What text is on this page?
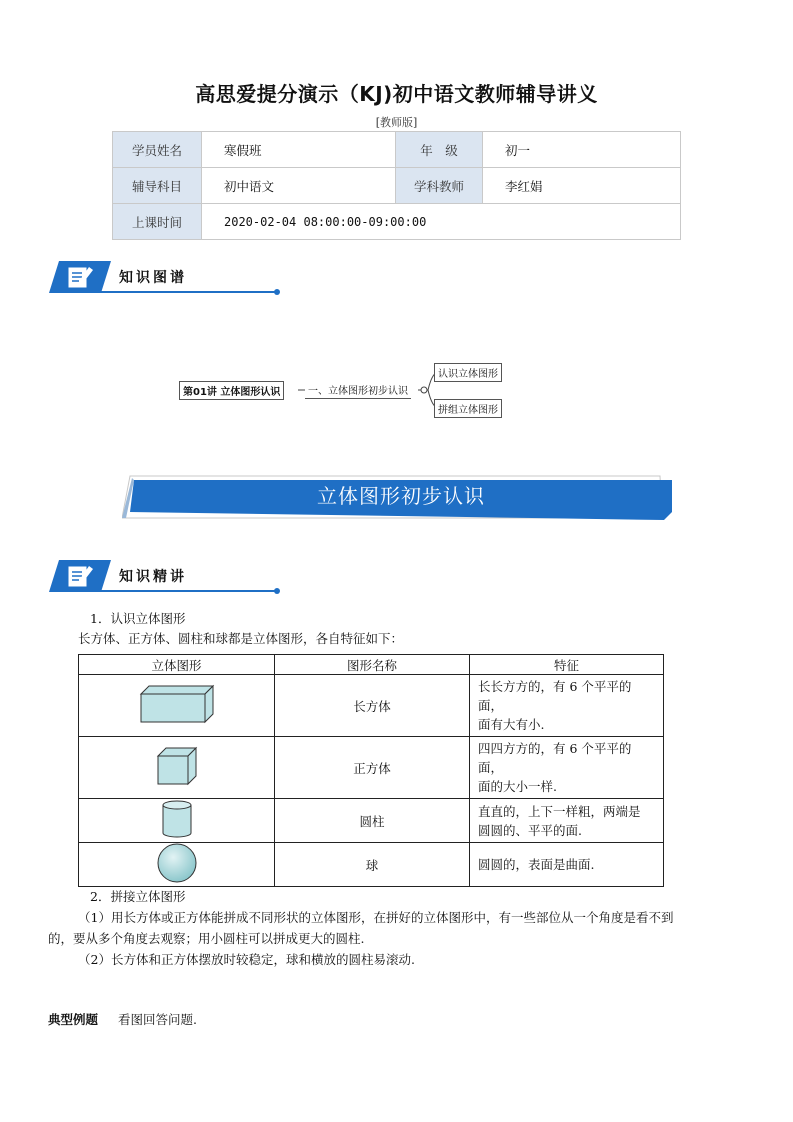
高思爱提分演示（KJ)初中语文教师辅导讲义
[教师版]
学员姓名	寒假班	年　级	初一
辅导科目	初中语文	学科教师	李红娟
上课时间	2020-02-04 08:00:00-09:00:00		
知识图谱
第01讲 立体图形认识	一、立体图形初步认识
认识立体图形
拼组立体图形
立体图形初步认识
知识精讲
1．认识立体图形
长方体、正方体、圆柱和球都是立体图形，各自特征如下：
立体图形	图形名称	特征
	长方体	长长方方的，有 6 个平平的面，
面有大有小.
	正方体	四四方方的，有 6 个平平的面，
面的大小一样.
	圆柱	直直的，上下一样粗，两端是
圆圆的、平平的面.
	球	圆圆的，表面是曲面.
2．拼接立体图形
（1）用长方体或正方体能拼成不同形状的立体图形，在拼好的立体图形中，有一些部位从一个角度是看不到
的，要从多个角度去观察；用小圆柱可以拼成更大的圆柱.
（2）长方体和正方体摆放时较稳定，球和横放的圆柱易滚动.
典型例题 看图回答问题.
